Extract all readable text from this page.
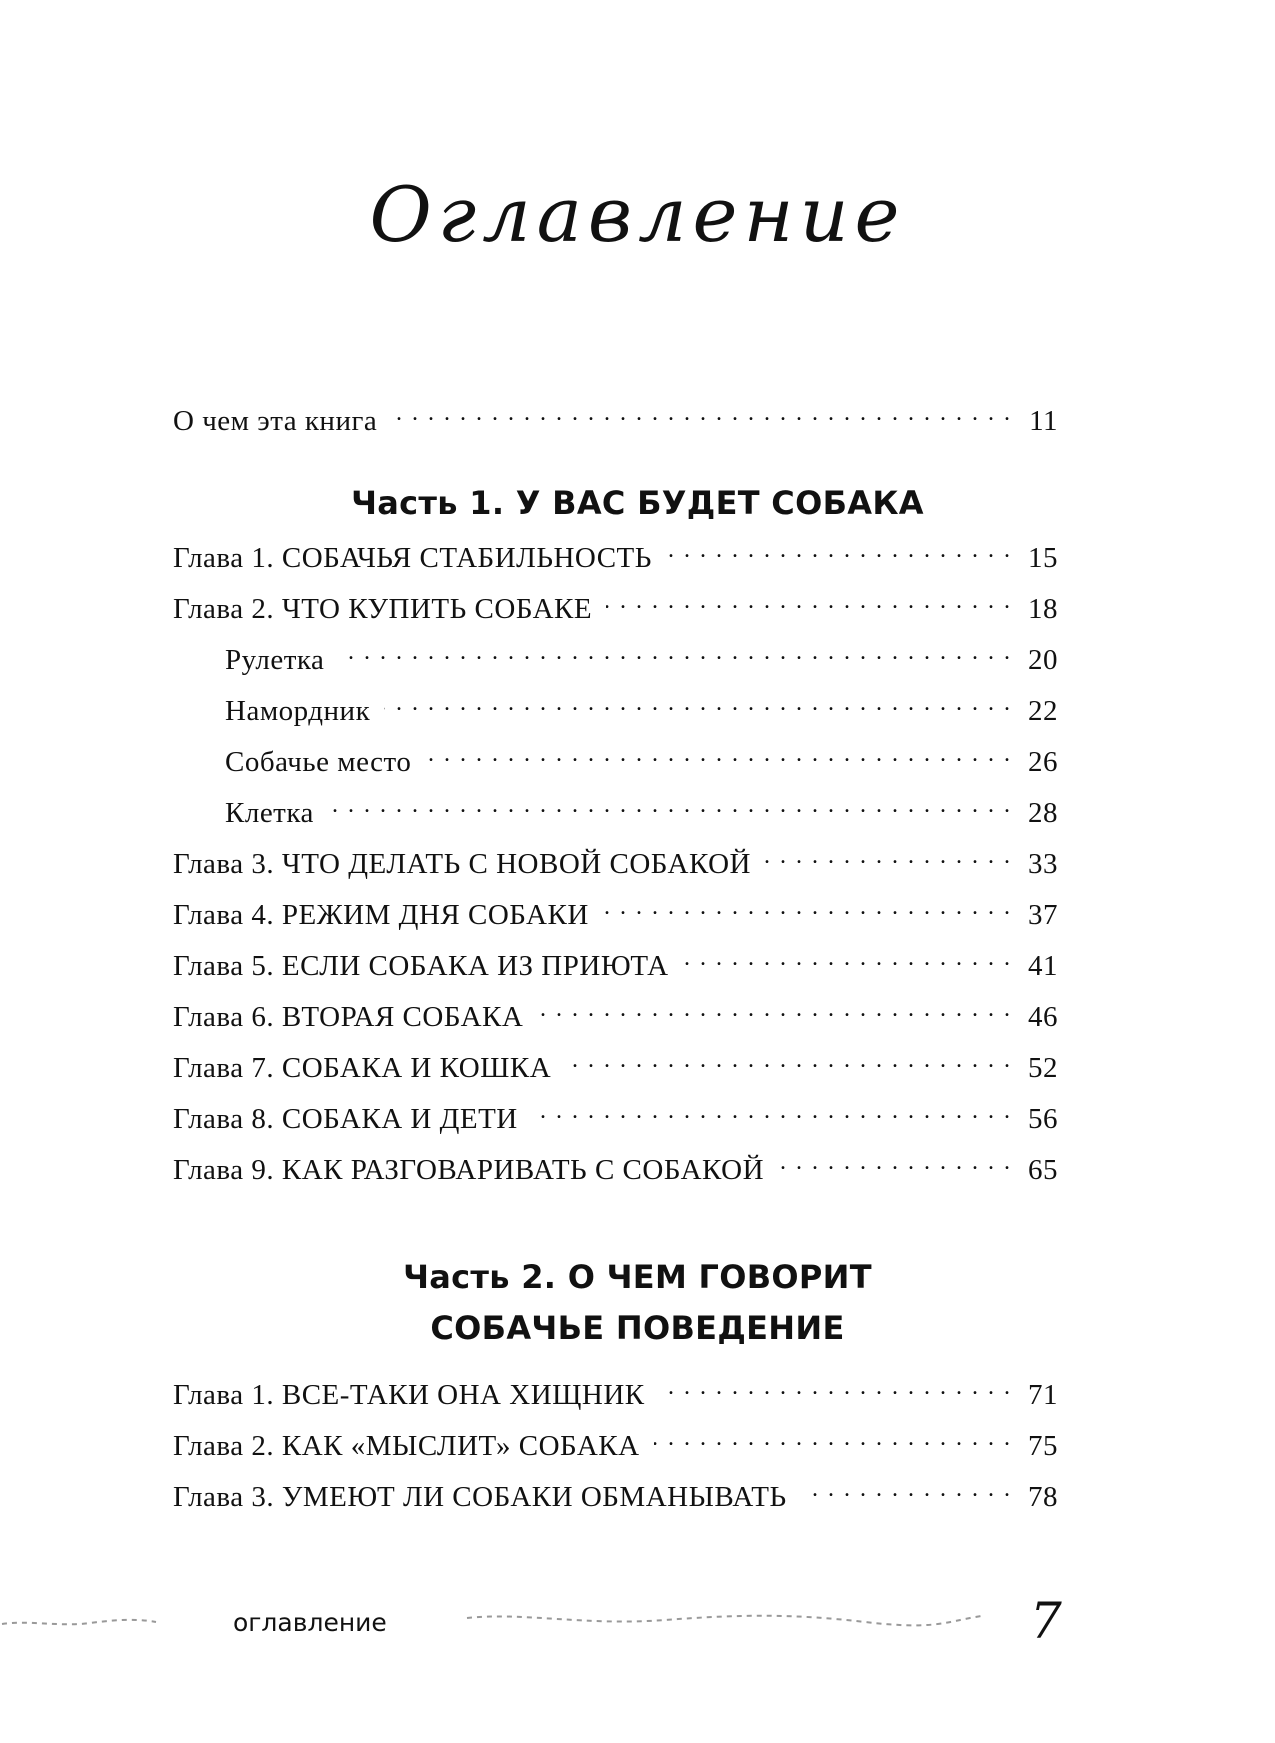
Оглавление
О чем эта книга . . .	11
Часть 1. У ВАС БУДЕТ СОБАКА
Глава 1. СОБАЧЬЯ СТАБИЛЬНОСТЬ . . .	15
Глава 2. ЧТО КУПИТЬ СОБАКЕ . . .	18
Рулетка . . .	20
Намордник . . .	22
Собачье место . . .	26
Клетка . . .	28
Глава 3. ЧТО ДЕЛАТЬ С НОВОЙ СОБАКОЙ . . .	33
Глава 4. РЕЖИМ ДНЯ СОБАКИ . . .	37
Глава 5. ЕСЛИ СОБАКА ИЗ ПРИЮТА . . .	41
Глава 6. ВТОРАЯ СОБАКА . . .	46
Глава 7. СОБАКА И КОШКА . . .	52
Глава 8. СОБАКА И ДЕТИ . . .	56
Глава 9. КАК РАЗГОВАРИВАТЬ С СОБАКОЙ . . .	65
Часть 2. О ЧЕМ ГОВОРИТ
СОБАЧЬЕ ПОВЕДЕНИЕ
Глава 1. ВСЕ-ТАКИ ОНА ХИЩНИК . . .	71
Глава 2. КАК «МЫСЛИТ» СОБАКА . . .	75
Глава 3. УМЕЮТ ЛИ СОБАКИ ОБМАНЫВАТЬ . . .	78
оглавление	7
